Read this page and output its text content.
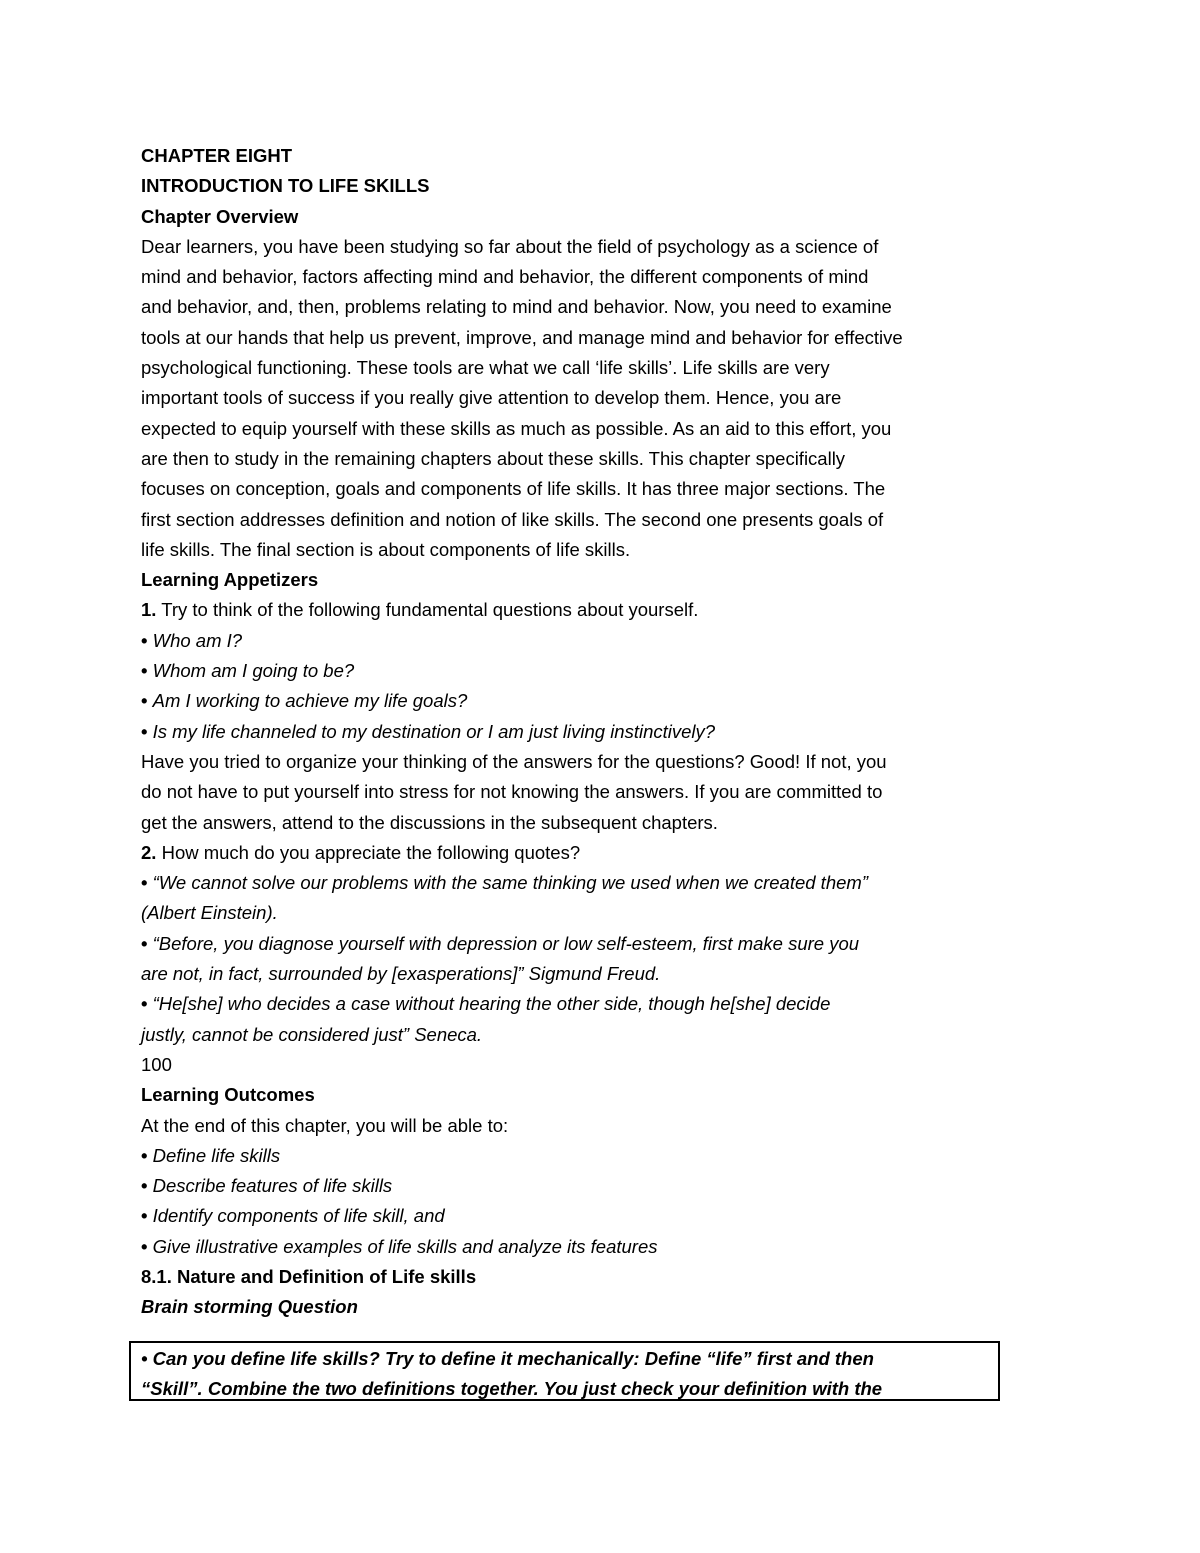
CHAPTER EIGHT
INTRODUCTION TO LIFE SKILLS
Chapter Overview
Dear learners, you have been studying so far about the field of psychology as a science of
mind and behavior, factors affecting mind and behavior, the different components of mind
and behavior, and, then, problems relating to mind and behavior. Now, you need to examine
tools at our hands that help us prevent, improve, and manage mind and behavior for effective
psychological functioning. These tools are what we call ‘life skills’. Life skills are very
important tools of success if you really give attention to develop them. Hence, you are
expected to equip yourself with these skills as much as possible. As an aid to this effort, you
are then to study in the remaining chapters about these skills. This chapter specifically
focuses on conception, goals and components of life skills. It has three major sections. The
first section addresses definition and notion of like skills. The second one presents goals of
life skills. The final section is about components of life skills.
Learning Appetizers
1. Try to think of the following fundamental questions about yourself.
• Who am I?
• Whom am I going to be?
• Am I working to achieve my life goals?
• Is my life channeled to my destination or I am just living instinctively?
Have you tried to organize your thinking of the answers for the questions? Good! If not, you
do not have to put yourself into stress for not knowing the answers. If you are committed to
get the answers, attend to the discussions in the subsequent chapters.
2. How much do you appreciate the following quotes?
• “We cannot solve our problems with the same thinking we used when we created them”
(Albert Einstein).
• “Before, you diagnose yourself with depression or low self-esteem, first make sure you
are not, in fact, surrounded by [exasperations]” Sigmund Freud.
• “He[she] who decides a case without hearing the other side, though he[she] decide
justly, cannot be considered just” Seneca.
100
Learning Outcomes
At the end of this chapter, you will be able to:
• Define life skills
• Describe features of life skills
• Identify components of life skill, and
• Give illustrative examples of life skills and analyze its features
8.1. Nature and Definition of Life skills
Brain storming Question
• Can you define life skills? Try to define it mechanically: Define “life” first and then
“Skill”. Combine the two definitions together. You just check your definition with the
